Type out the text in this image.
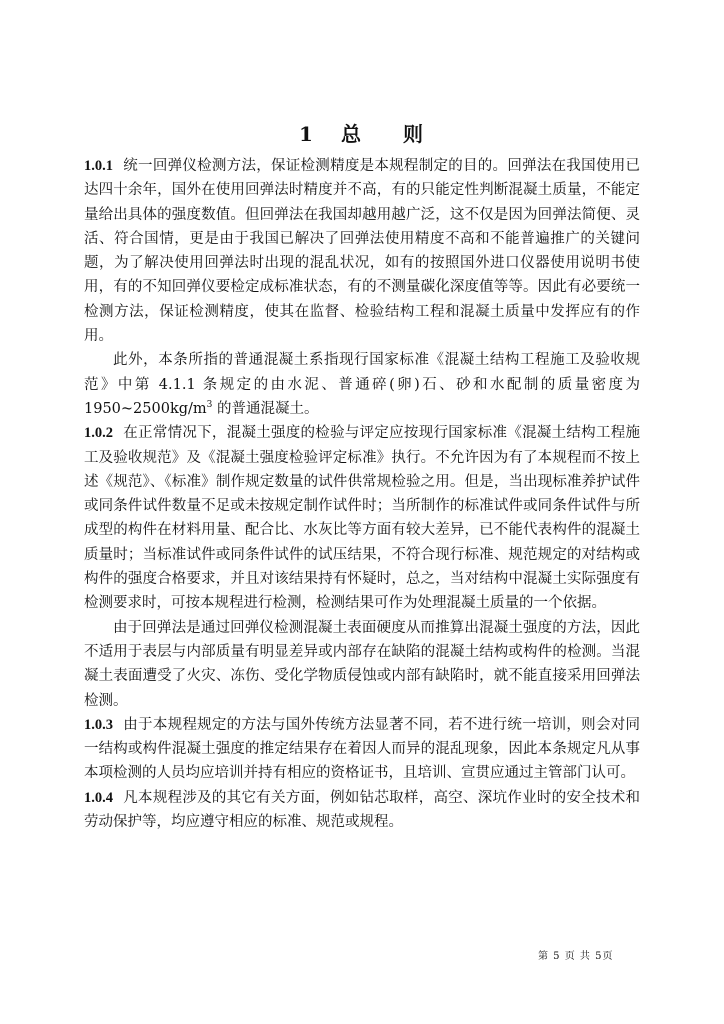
1 总 则

1.0.1 统一回弹仪检测方法，保证检测精度是本规程制定的目的。回弹法在我国使用已达四十余年，国外在使用回弹法时精度并不高，有的只能定性判断混凝土质量，不能定量给出具体的强度数值。但回弹法在我国却越用越广泛，这不仅是因为回弹法简便、灵活、符合国情，更是由于我国已解决了回弹法使用精度不高和不能普遍推广的关键问题，为了解决使用回弹法时出现的混乱状况，如有的按照国外进口仪器使用说明书使用，有的不知回弹仪要检定成标准状态，有的不测量碳化深度值等等。因此有必要统一检测方法，保证检测精度，使其在监督、检验结构工程和混凝土质量中发挥应有的作用。

此外，本条所指的普通混凝土系指现行国家标准《混凝土结构工程施工及验收规范》中第 4.1.1 条规定的由水泥、普通碎(卵)石、砂和水配制的质量密度为 $1950\sim 2500kg/m^3$ 的普通混凝土。

1.0.2 在正常情况下，混凝土强度的检验与评定应按现行国家标准《混凝土结构工程施工及验收规范》及《混凝土强度检验评定标准》执行。不允许因为有了本规程而不按上述《规范》、《标准》制作规定数量的试件供常规检验之用。但是，当出现标准养护试件或同条件试件数量不足或未按规定制作试件时；当所制作的标准试件或同条件试件与所成型的构件在材料用量、配合比、水灰比等方面有较大差异，已不能代表构件的混凝土质量时；当标准试件或同条件试件的试压结果，不符合现行标准、规范规定的对结构或构件的强度合格要求，并且对该结果持有怀疑时，总之，当对结构中混凝土实际强度有检测要求时，可按本规程进行检测，检测结果可作为处理混凝土质量的一个依据。

由于回弹法是通过回弹仪检测混凝土表面硬度从而推算出混凝土强度的方法，因此不适用于表层与内部质量有明显差异或内部存在缺陷的混凝土结构或构件的检测。当混凝土表面遭受了火灾、冻伤、受化学物质侵蚀或内部有缺陷时，就不能直接采用回弹法检测。

1.0.3 由于本规程规定的方法与国外传统方法显著不同，若不进行统一培训，则会对同一结构或构件混凝土强度的推定结果存在着因人而异的混乱现象，因此本条规定凡从事本项检测的人员均应培训并持有相应的资格证书，且培训、宣贯应通过主管部门认可。

1.0.4 凡本规程涉及的其它有关方面，例如钻芯取样，高空、深坑作业时的安全技术和劳动保护等，均应遵守相应的标准、规范或规程。

第 5 页 共 5页
